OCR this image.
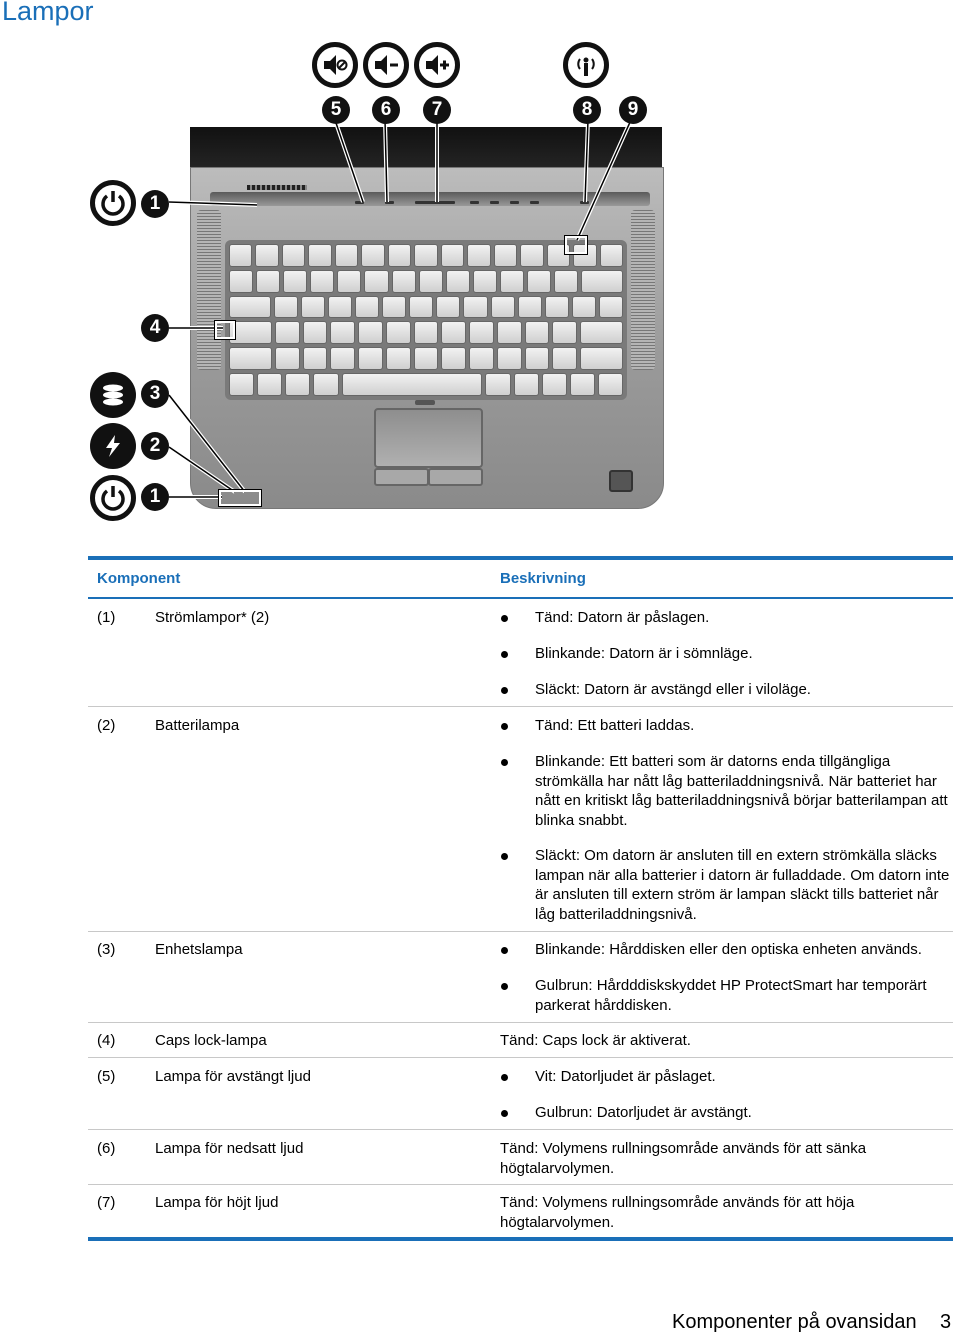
Lampor
5	6	7	8	9
1
4
3
2
1
Komponent	Beskrivning
(1)	Strömlampor* (2)	Tänd: Datorn är påslagen.
Blinkande: Datorn är i sömnläge.
Släckt: Datorn är avstängd eller i viloläge.
(2)	Batterilampa	Tänd: Ett batteri laddas.
Blinkande: Ett batteri som är datorns enda tillgängliga strömkälla har nått låg batteriladdningsnivå. När batteriet har nått en kritiskt låg batteriladdningsnivå börjar batterilampan att blinka snabbt.
Släckt: Om datorn är ansluten till en extern strömkälla släcks lampan när alla batterier i datorn är fulladdade. Om datorn inte är ansluten till extern ström är lampan släckt tills batteriet når låg batteriladdningsnivå.
(3)	Enhetslampa	Blinkande: Hårddisken eller den optiska enheten används.
Gulbrun: Hårdddiskskyddet HP ProtectSmart har temporärt parkerat hårddisken.
(4)	Caps lock-lampa	Tänd: Caps lock är aktiverat.
(5)	Lampa för avstängt ljud	Vit: Datorljudet är påslaget.
Gulbrun: Datorljudet är avstängt.
(6)	Lampa för nedsatt ljud	Tänd: Volymens rullningsområde används för att sänka högtalarvolymen.
(7)	Lampa för höjt ljud	Tänd: Volymens rullningsområde används för att höja högtalarvolymen.
Komponenter på ovansidan 3
